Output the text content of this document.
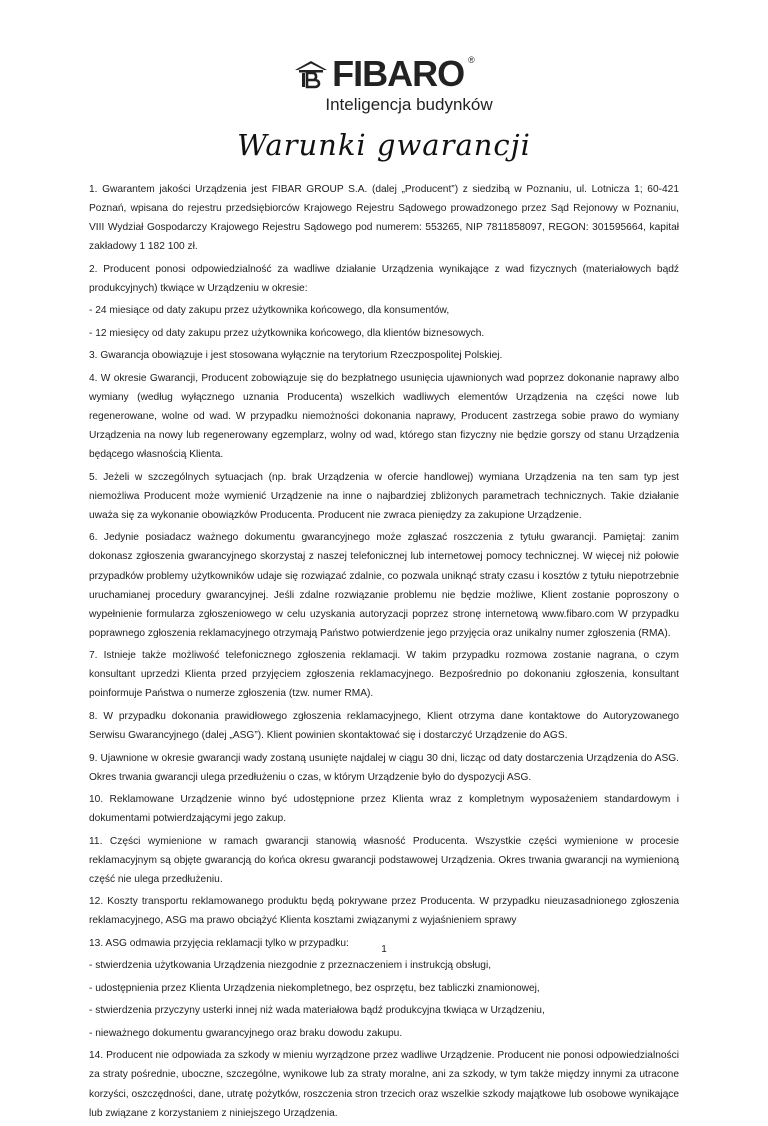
FIBARO ®
Inteligencja budynków
Warunki gwarancji

1. Gwarantem jakości Urządzenia jest FIBAR GROUP S.A. (dalej „Producent”) z siedzibą w Poznaniu, ul. Lotnicza 1; 60-421 Poznań, wpisana do rejestru przedsiębiorców Krajowego Rejestru Sądowego prowadzonego przez Sąd Rejonowy w Poznaniu, VIII Wydział Gospodarczy Krajowego Rejestru Sądowego pod numerem: 553265, NIP 7811858097, REGON: 301595664, kapitał zakładowy 1 182 100 zł.

2. Producent ponosi odpowiedzialność za wadliwe działanie Urządzenia wynikające z wad fizycznych (materiałowych bądź produkcyjnych) tkwiące w Urządzeniu w okresie:

- 24 miesiące od daty zakupu przez użytkownika końcowego, dla konsumentów,

- 12 miesięcy od daty zakupu przez użytkownika końcowego, dla klientów biznesowych.

3. Gwarancja obowiązuje i jest stosowana wyłącznie na terytorium Rzeczpospolitej Polskiej.

4. W okresie Gwarancji, Producent zobowiązuje się do bezpłatnego usunięcia ujawnionych wad poprzez dokonanie naprawy albo wymiany (według wyłącznego uznania Producenta) wszelkich wadliwych elementów Urządzenia na części nowe lub regenerowane, wolne od wad. W przypadku niemożności dokonania naprawy, Producent zastrzega sobie prawo do wymiany Urządzenia na nowy lub regenerowany egzemplarz, wolny od wad, którego stan fizyczny nie będzie gorszy od stanu Urządzenia będącego własnością Klienta.

5. Jeżeli w szczególnych sytuacjach (np. brak Urządzenia w ofercie handlowej) wymiana Urządzenia na ten sam typ jest niemożliwa Producent może wymienić Urządzenie na inne o najbardziej zbliżonych parametrach technicznych. Takie działanie uważa się za wykonanie obowiązków Producenta. Producent nie zwraca pieniędzy za zakupione Urządzenie.

6. Jedynie posiadacz ważnego dokumentu gwarancyjnego może zgłaszać roszczenia z tytułu gwarancji. Pamiętaj: zanim dokonasz zgłoszenia gwarancyjnego skorzystaj z naszej telefonicznej lub internetowej pomocy technicznej. W więcej niż połowie przypadków problemy użytkowników udaje się rozwiązać zdalnie, co pozwala uniknąć straty czasu i kosztów z tytułu niepotrzebnie uruchamianej procedury gwarancyjnej. Jeśli zdalne rozwiązanie problemu nie będzie możliwe, Klient zostanie poproszony o wypełnienie formularza zgłoszeniowego w celu uzyskania autoryzacji poprzez stronę internetową www.fibaro.com W przypadku poprawnego zgłoszenia reklamacyjnego otrzymają Państwo potwierdzenie jego przyjęcia oraz unikalny numer zgłoszenia (RMA).

7. Istnieje także możliwość telefonicznego zgłoszenia reklamacji. W takim przypadku rozmowa zostanie nagrana, o czym konsultant uprzedzi Klienta przed przyjęciem zgłoszenia reklamacyjnego. Bezpośrednio po dokonaniu zgłoszenia, konsultant poinformuje Państwa o numerze zgłoszenia (tzw. numer RMA).

8. W przypadku dokonania prawidłowego zgłoszenia reklamacyjnego, Klient otrzyma dane kontaktowe do Autoryzowanego Serwisu Gwarancyjnego (dalej „ASG”). Klient powinien skontaktować się i dostarczyć Urządzenie do AGS.

9. Ujawnione w okresie gwarancji wady zostaną usunięte najdalej w ciągu 30 dni, licząc od daty dostarczenia Urządzenia do ASG. Okres trwania gwarancji ulega przedłużeniu o czas, w którym Urządzenie było do dyspozycji ASG.

10. Reklamowane Urządzenie winno być udostępnione przez Klienta wraz z kompletnym wyposażeniem standardowym i dokumentami potwierdzającymi jego zakup.

11. Części wymienione w ramach gwarancji stanowią własność Producenta. Wszystkie części wymienione w procesie reklamacyjnym są objęte gwarancją do końca okresu gwarancji podstawowej Urządzenia. Okres trwania gwarancji na wymienioną część nie ulega przedłużeniu.

12. Koszty transportu reklamowanego produktu będą pokrywane przez Producenta. W przypadku nieuzasadnionego zgłoszenia reklamacyjnego, ASG ma prawo obciążyć Klienta kosztami związanymi z wyjaśnieniem sprawy

13. ASG odmawia przyjęcia reklamacji tylko w przypadku:

- stwierdzenia użytkowania Urządzenia niezgodnie z przeznaczeniem i instrukcją obsługi,

- udostępnienia przez Klienta Urządzenia niekompletnego, bez osprzętu, bez tabliczki znamionowej,

- stwierdzenia przyczyny usterki innej niż wada materiałowa bądź produkcyjna tkwiąca w Urządzeniu,

- nieważnego dokumentu gwarancyjnego oraz braku dowodu zakupu.

14. Producent nie odpowiada za szkody w mieniu wyrządzone przez wadliwe Urządzenie. Producent nie ponosi odpowiedzialności za straty pośrednie, uboczne, szczególne, wynikowe lub za straty moralne, ani za szkody, w tym także między innymi za utracone korzyści, oszczędności, dane, utratę pożytków, roszczenia stron trzecich oraz wszelkie szkody majątkowe lub osobowe wynikające lub związane z korzystaniem z niniejszego Urządzenia.

1
